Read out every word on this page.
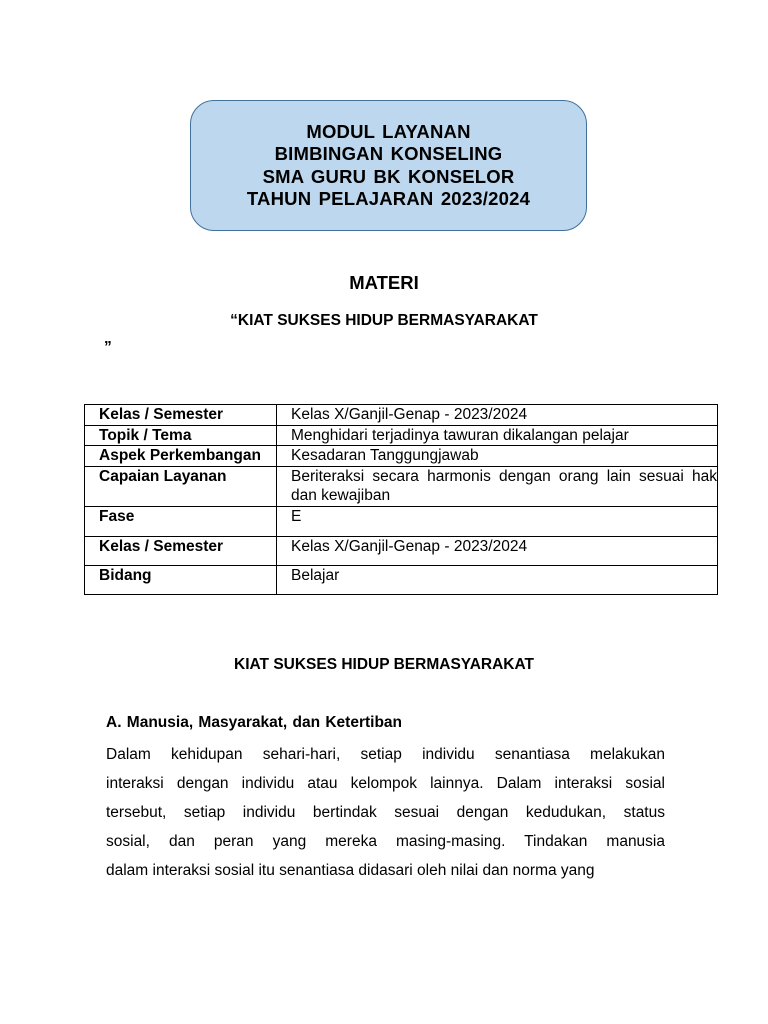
MODUL LAYANAN
BIMBINGAN KONSELING
SMA GURU BK KONSELOR
TAHUN PELAJARAN 2023/2024
MATERI
“KIAT SUKSES HIDUP BERMASYARAKAT
”
Kelas / Semester	Kelas X/Ganjil-Genap - 2023/2024
Topik / Tema	Menghidari terjadinya tawuran dikalangan pelajar
Aspek Perkembangan	Kesadaran Tanggungjawab
Capaian Layanan	Beriteraksi secara harmonis dengan orang lain sesuai hak dan kewajiban
Fase	E
Kelas / Semester	Kelas X/Ganjil-Genap - 2023/2024
Bidang	Belajar
KIAT SUKSES HIDUP BERMASYARAKAT
A. Manusia, Masyarakat, dan Ketertiban
Dalam kehidupan sehari-hari, setiap individu senantiasa melakukan
interaksi dengan individu atau kelompok lainnya. Dalam interaksi sosial
tersebut, setiap individu bertindak sesuai dengan kedudukan, status
sosial, dan peran yang mereka masing-masing. Tindakan manusia
dalam interaksi sosial itu senantiasa didasari oleh nilai dan norma yang
